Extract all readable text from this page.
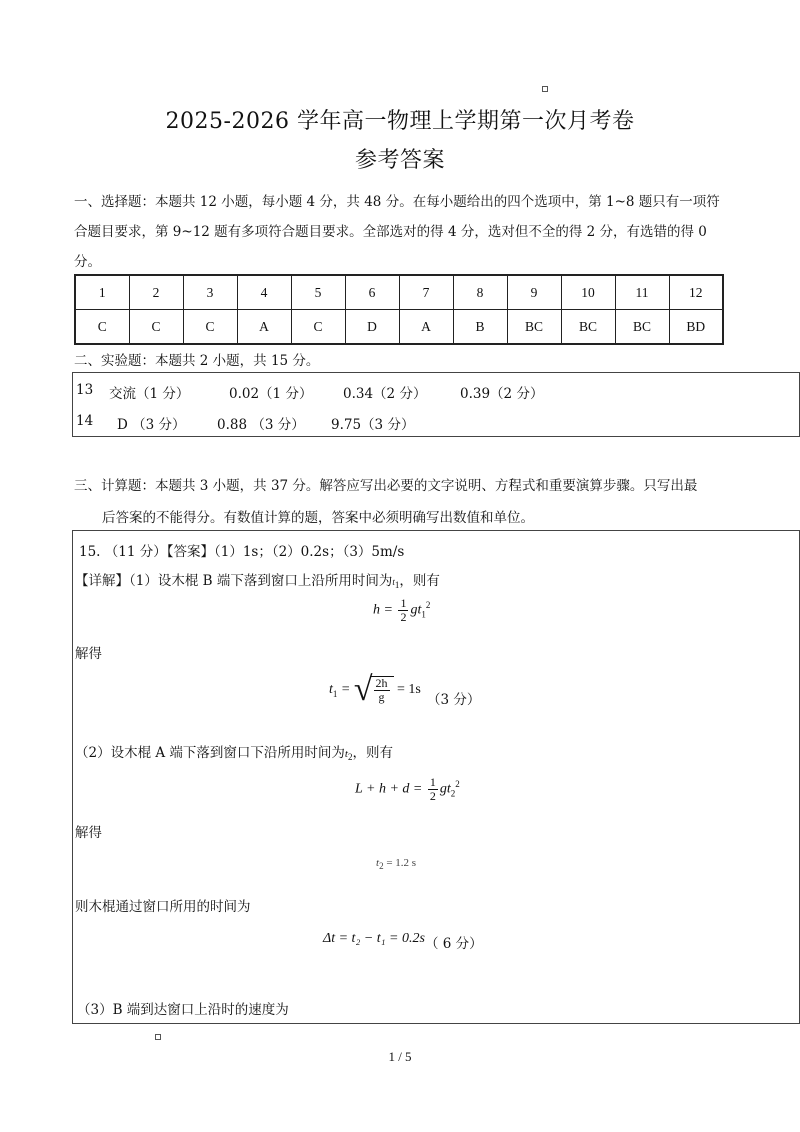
2025-2026 学年高一物理上学期第一次月考卷
参考答案
一、选择题：本题共 12 小题，每小题 4 分，共 48 分。在每小题给出的四个选项中，第 1~8 题只有一项符
合题目要求，第 9~12 题有多项符合题目要求。全部选对的得 4 分，选对但不全的得 2 分，有选错的得 0
分。
1	2	3	4	5	6	7	8	9	10	11	12
C	C	C	A	C	D	A	B	BC	BC	BC	BD
二、实验题：本题共 2 小题，共 15 分。
13 交流（1 分）	0.02（1 分） 0.34（2 分） 0.39（2 分）
14 D （3 分） 0.88 （3 分） 9.75（3 分）
三、计算题：本题共 3 小题，共 37 分。解答应写出必要的文字说明、方程式和重要演算步骤。只写出最
后答案的不能得分。有数值计算的题，答案中必须明确写出数值和单位。
15. （11 分）【答案】（1）1s；（2）0.2s；（3）5m/s
【详解】（1）设木棍 B 端下落到窗口上沿所用时间为t1，则有
$h = \frac{1}{2} gt_1^2$
解得
$t_1$ = √ $\frac{2h}{g} = 1s$
（3 分）
（2）设木棍 A 端下落到窗口下沿所用时间为$t_2$，则有
$L + h + d = \frac{1}{2} gt_2^2$
解得
$t_2 = 1.2$ s
则木棍通过窗口所用的时间为
Δt = t₂ − t₁ = 0.2s （ 6 分）
（3）B 端到达窗口上沿时的速度为
1 / 5
